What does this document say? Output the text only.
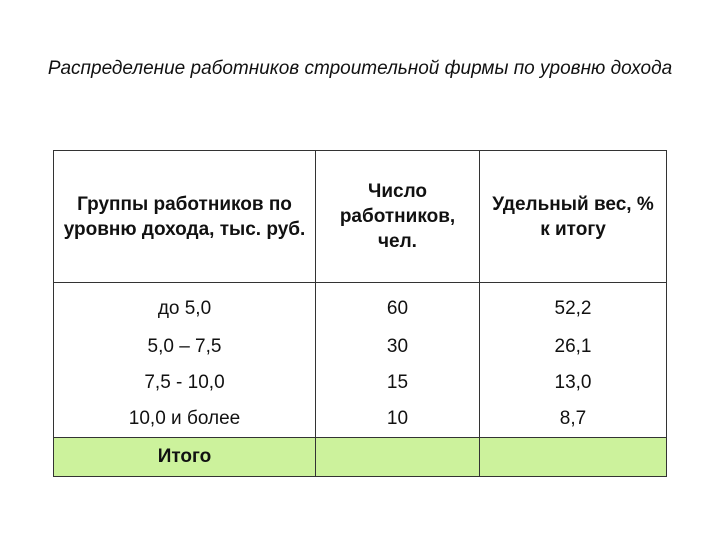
Распределение работников строительной фирмы по уровню дохода
Группы работников по уровню дохода, тыс. руб.	Число работников, чел.	Удельный вес, % к итогу
до 5,0	60	52,2
5,0 – 7,5	30	26,1
7,5 - 10,0	15	13,0
10,0 и более	10	8,7
Итого		
